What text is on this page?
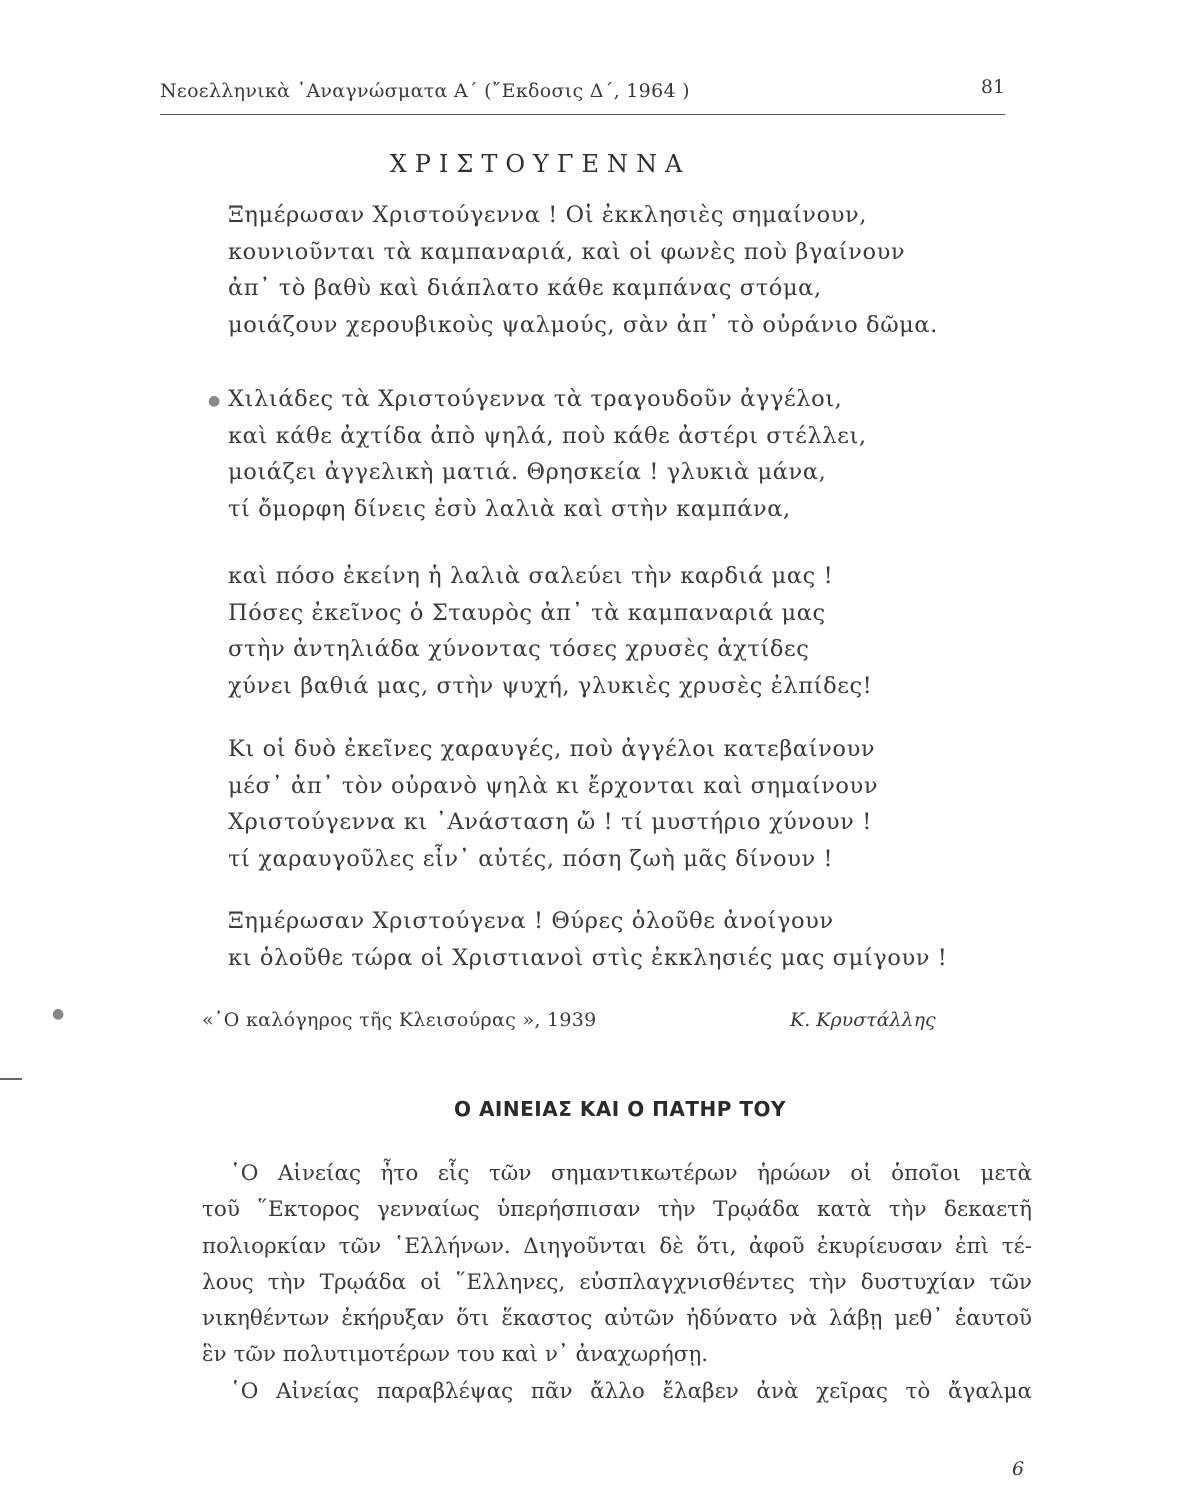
Νεοελληνικὰ ᾿Αναγνώσματα Α΄ (῎Εκδοσις Δ΄, 1964 )	81
ΧΡΙΣΤΟΥΓΕΝΝΑ
Ξημέρωσαν Χριστούγεννα ! Οἱ ἐκκλησιὲς σημαίνουν,
κουνιοῦνται τὰ καμπαναριά, καὶ οἱ φωνὲς ποὺ βγαίνουν
ἀπ᾿ τὸ βαθὺ καὶ διάπλατο κάθε καμπάνας στόμα,
μοιάζουν χερουβικοὺς ψαλμούς, σὰν ἀπ᾿ τὸ οὐράνιο δῶμα.
● Χιλιάδες τὰ Χριστούγεννα τὰ τραγουδοῦν ἀγγέλοι,
καὶ κάθε ἀχτίδα ἀπὸ ψηλά, ποὺ κάθε ἀστέρι στέλλει,
μοιάζει ἀγγελικὴ ματιά. Θρησκεία ! γλυκιὰ μάνα,
τί ὄμορφη δίνεις ἐσὺ λαλιὰ καὶ στὴν καμπάνα,
καὶ πόσο ἐκείνη ἡ λαλιὰ σαλεύει τὴν καρδιά μας !
Πόσες ἐκεῖνος ὁ Σταυρὸς ἀπ᾿ τὰ καμπαναριά μας
στὴν ἀντηλιάδα χύνοντας τόσες χρυσὲς ἀχτίδες
χύνει βαθιά μας, στὴν ψυχή, γλυκιὲς χρυσὲς ἐλπίδες!
Κι οἱ δυὸ ἐκεῖνες χαραυγές, ποὺ ἀγγέλοι κατεβαίνουν
μέσ᾿ ἀπ᾿ τὸν οὐρανὸ ψηλὰ κι ἔρχονται καὶ σημαίνουν
Χριστούγεννα κι ᾿Ανάσταση ὤ ! τί μυστήριο χύνουν !
τί χαραυγοῦλες εἶν᾿ αὐτές, πόση ζωὴ μᾶς δίνουν !
Ξημέρωσαν Χριστούγενα ! Θύρες ὁλοῦθε ἀνοίγουν
κι ὁλοῦθε τώρα οἱ Χριστιανοὶ στὶς ἐκκλησιές μας σμίγουν !
●	«῾Ο καλόγηρος τῆς Κλεισούρας », 1939	Κ. Κρυστάλλης
Ο ΑΙΝΕΙΑΣ ΚΑΙ Ο ΠΑΤΗΡ ΤΟΥ
῾Ο Αἰνείας ἦτο εἷς τῶν σημαντικωτέρων ἡρώων οἱ ὁποῖοι μετὰ
τοῦ ῞Εκτορος γενναίως ὑπερήσπισαν τὴν Τρῳάδα κατὰ τὴν δεκαετῆ
πολιορκίαν τῶν ῾Ελλήνων. Διηγοῦνται δὲ ὅτι, ἀφοῦ ἐκυρίευσαν ἐπὶ τέ-
λους τὴν Τρῳάδα οἱ ῞Ελληνες, εὐσπλαγχνισθέντες τὴν δυστυχίαν τῶν
νικηθέντων ἐκήρυξαν ὅτι ἕκαστος αὐτῶν ἠδύνατο νὰ λάβῃ μεθ᾿ ἑαυτοῦ
ἓν τῶν πολυτιμοτέρων του καὶ ν᾿ ἀναχωρήσῃ.
῾Ο Αἰνείας παραβλέψας πᾶν ἄλλο ἔλαβεν ἀνὰ χεῖρας τὸ ἄγαλμα
6
